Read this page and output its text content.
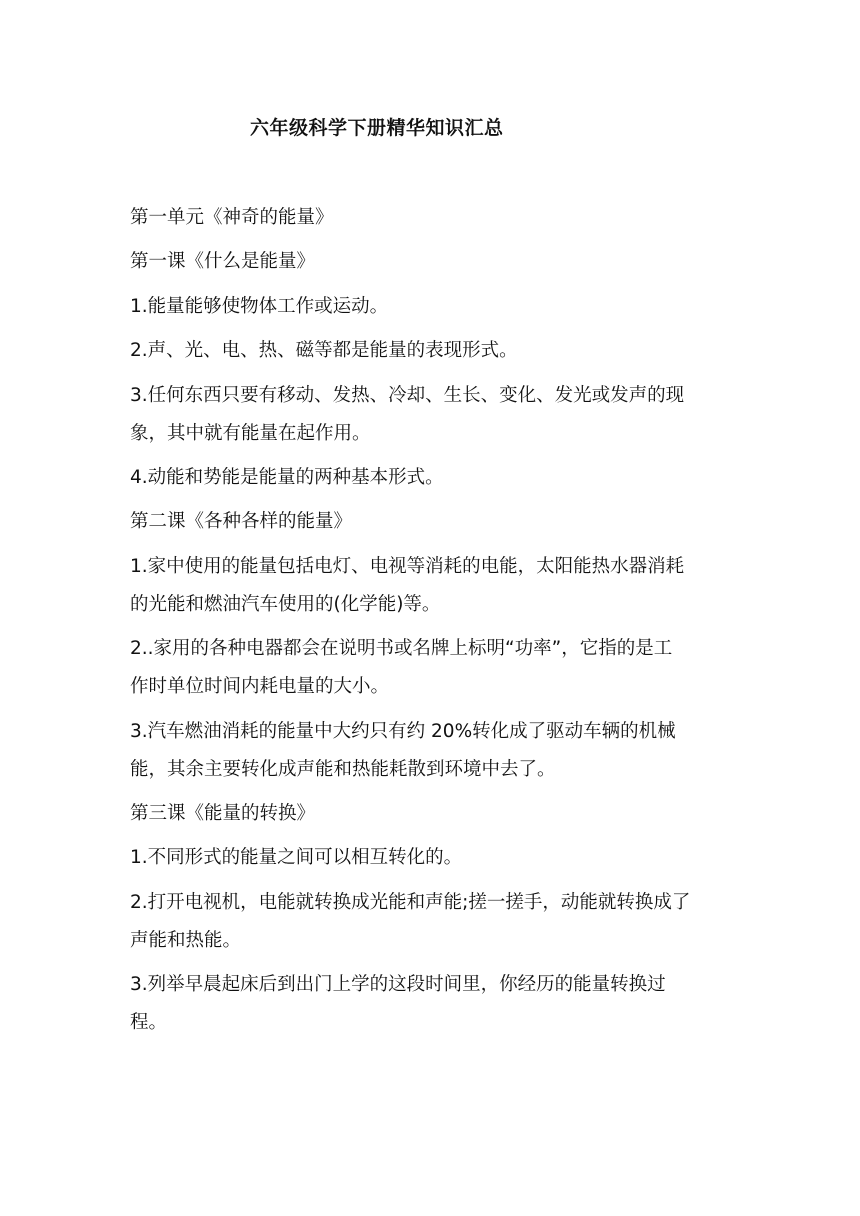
六年级科学下册精华知识汇总
第一单元《神奇的能量》
第一课《什么是能量》
1.能量能够使物体工作或运动。
2.声、光、电、热、磁等都是能量的表现形式。
3.任何东西只要有移动、发热、冷却、生长、变化、发光或发声的现
象，其中就有能量在起作用。
4.动能和势能是能量的两种基本形式。
第二课《各种各样的能量》
1.家中使用的能量包括电灯、电视等消耗的电能，太阳能热水器消耗
的光能和燃油汽车使用的(化学能)等。
2..家用的各种电器都会在说明书或名牌上标明“功率”，它指的是工
作时单位时间内耗电量的大小。
3.汽车燃油消耗的能量中大约只有约 20%转化成了驱动车辆的机械
能，其余主要转化成声能和热能耗散到环境中去了。
第三课《能量的转换》
1.不同形式的能量之间可以相互转化的。
2.打开电视机，电能就转换成光能和声能;搓一搓手，动能就转换成了
声能和热能。
3.列举早晨起床后到出门上学的这段时间里，你经历的能量转换过
程。
